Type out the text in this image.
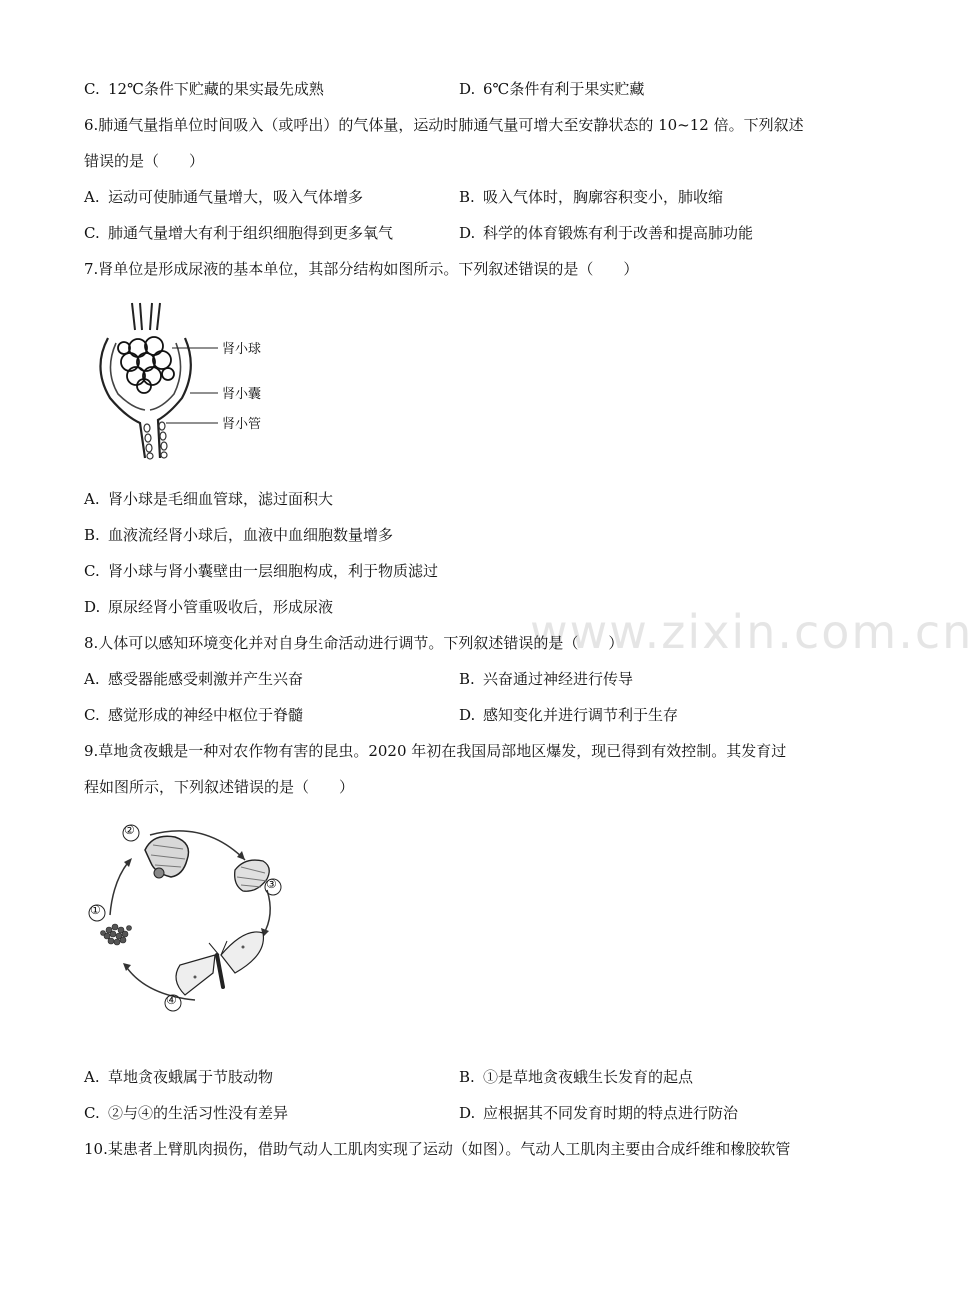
C. 12℃条件下贮藏的果实最先成熟	D. 6℃条件有利于果实贮藏
6.肺通气量指单位时间吸入（或呼出）的气体量，运动时肺通气量可增大至安静状态的 10~12 倍。下列叙述
错误的是（　　）
A. 运动可使肺通气量增大，吸入气体增多	B. 吸入气体时，胸廓容积变小，肺收缩
C. 肺通气量增大有利于组织细胞得到更多氧气	D. 科学的体育锻炼有利于改善和提高肺功能
7.肾单位是形成尿液的基本单位，其部分结构如图所示。下列叙述错误的是（　　）
肾小球
肾小囊
肾小管
A. 肾小球是毛细血管球，滤过面积大
B. 血液流经肾小球后，血液中血细胞数量增多
C. 肾小球与肾小囊壁由一层细胞构成，利于物质滤过
D. 原尿经肾小管重吸收后，形成尿液	www.zixin.com.cn
8.人体可以感知环境变化并对自身生命活动进行调节。下列叙述错误的是（　　）
A. 感受器能感受刺激并产生兴奋	B. 兴奋通过神经进行传导
C. 感觉形成的神经中枢位于脊髓	D. 感知变化并进行调节利于生存
9.草地贪夜蛾是一种对农作物有害的昆虫。2020 年初在我国局部地区爆发，现已得到有效控制。其发育过
程如图所示，下列叙述错误的是（　　）
②
③
①
④
A. 草地贪夜蛾属于节肢动物	B. ①是草地贪夜蛾生长发育的起点
C. ②与④的生活习性没有差异	D. 应根据其不同发育时期的特点进行防治
10.某患者上臂肌肉损伤，借助气动人工肌肉实现了运动（如图）。气动人工肌肉主要由合成纤维和橡胶软管
